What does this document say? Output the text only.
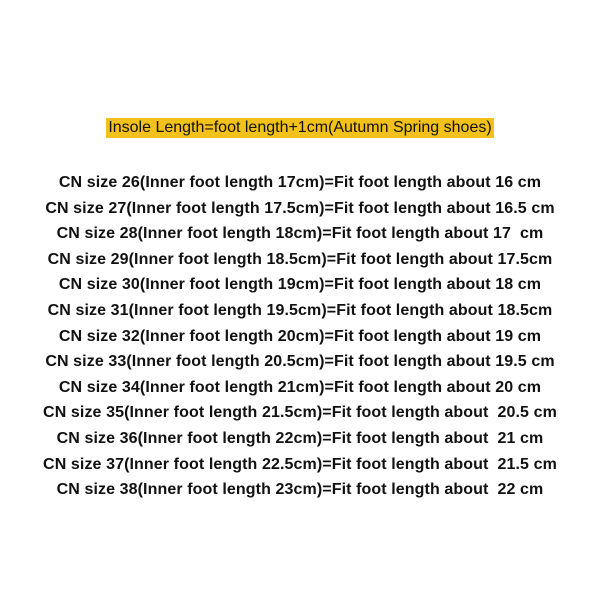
Insole Length=foot length+1cm(Autumn Spring shoes)
CN size 26(Inner foot length 17cm)=Fit foot length about 16 cm
CN size 27(Inner foot length 17.5cm)=Fit foot length about 16.5 cm
CN size 28(Inner foot length 18cm)=Fit foot length about 17  cm
CN size 29(Inner foot length 18.5cm)=Fit foot length about 17.5cm
CN size 30(Inner foot length 19cm)=Fit foot length about 18 cm
CN size 31(Inner foot length 19.5cm)=Fit foot length about 18.5cm
CN size 32(Inner foot length 20cm)=Fit foot length about 19 cm
CN size 33(Inner foot length 20.5cm)=Fit foot length about 19.5 cm
CN size 34(Inner foot length 21cm)=Fit foot length about 20 cm
CN size 35(Inner foot length 21.5cm)=Fit foot length about  20.5 cm
CN size 36(Inner foot length 22cm)=Fit foot length about  21 cm
CN size 37(Inner foot length 22.5cm)=Fit foot length about  21.5 cm
CN size 38(Inner foot length 23cm)=Fit foot length about  22 cm
